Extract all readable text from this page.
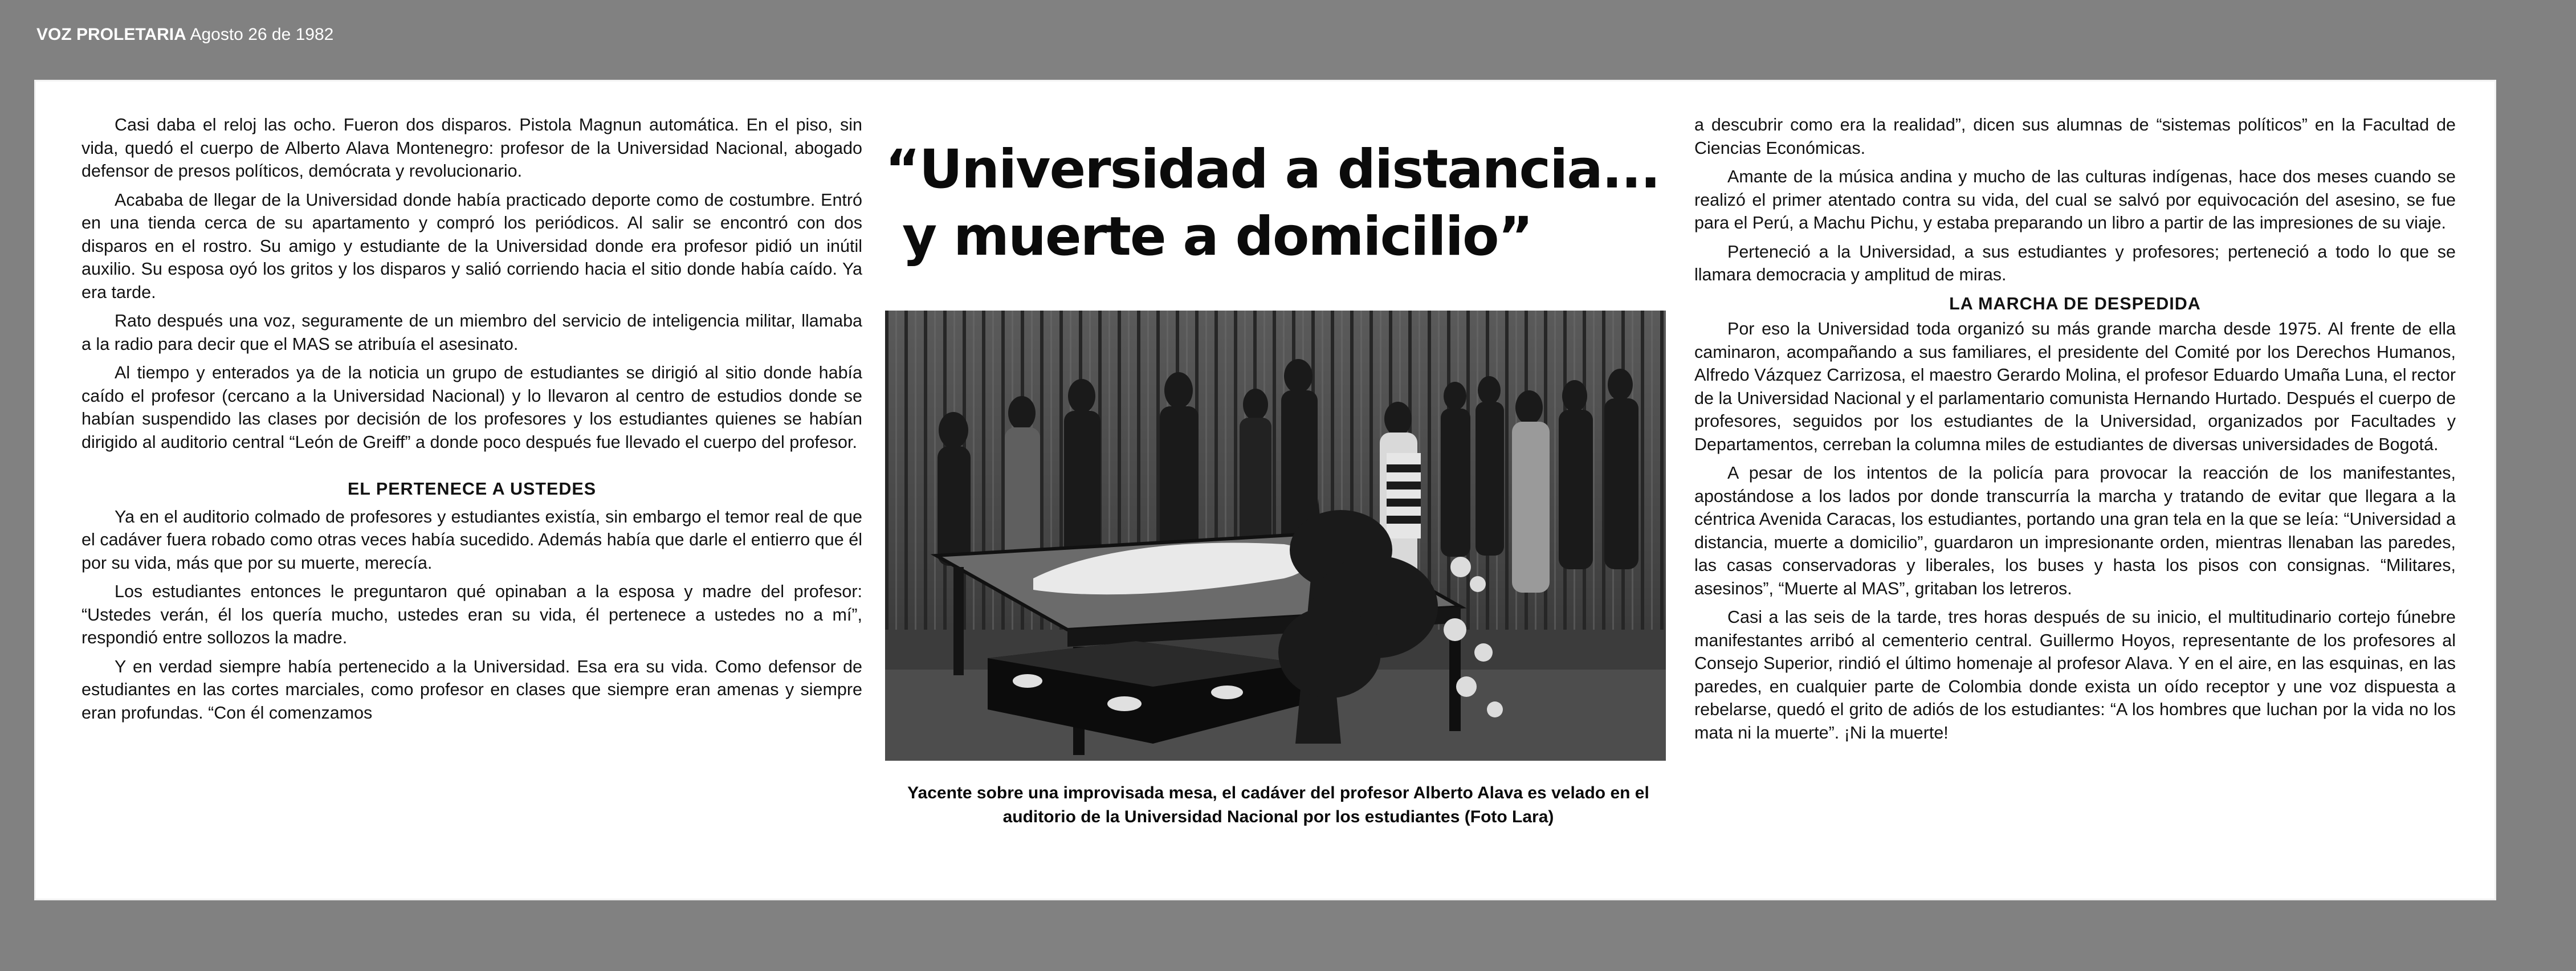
VOZ PROLETARIA Agosto 26 de 1982

Casi daba el reloj las ocho. Fueron dos disparos. Pistola Magnun automática. En el piso, sin vida, quedó el cuerpo de Alberto Alava Montenegro: profesor de la Universidad Nacional, abogado defensor de presos políticos, demócrata y revolucionario.

Acababa de llegar de la Universidad donde había practicado deporte como de costumbre. Entró en una tienda cerca de su apartamento y compró los periódicos. Al salir se encontró con dos disparos en el rostro. Su amigo y estudiante de la Universidad donde era profesor pidió un inútil auxilio. Su esposa oyó los gritos y los disparos y salió corriendo hacia el sitio donde había caído. Ya era tarde.

Rato después una voz, seguramente de un miembro del servicio de inteligencia militar, llamaba a la radio para decir que el MAS se atribuía el asesinato.

Al tiempo y enterados ya de la noticia un grupo de estudiantes se dirigió al sitio donde había caído el profesor (cercano a la Universidad Nacional) y lo llevaron al centro de estudios donde se habían suspendido las clases por decisión de los profesores y los estudiantes quienes se habían dirigido al auditorio central “León de Greiff” a donde poco después fue llevado el cuerpo del profesor.

EL PERTENECE A USTEDES

Ya en el auditorio colmado de profesores y estudiantes existía, sin embargo el temor real de que el cadáver fuera robado como otras veces había sucedido. Además había que darle el entierro que él por su vida, más que por su muerte, merecía.

Los estudiantes entonces le preguntaron qué opinaban a la esposa y madre del profesor: “Ustedes verán, él los quería mucho, ustedes eran su vida, él pertenece a ustedes no a mí”, respondió entre sollozos la madre.

Y en verdad siempre había pertenecido a la Universidad. Esa era su vida. Como defensor de estudiantes en las cortes marciales, como profesor en clases que siempre eran amenas y siempre eran profundas. “Con él comenzamos

“Universidad a distancia...
y muerte a domicilio”
Yacente sobre una improvisada mesa, el cadáver del profesor Alberto Alava es velado en el auditorio de la Universidad Nacional por los estudiantes (Foto Lara)

a descubrir como era la realidad”, dicen sus alumnas de “sistemas políticos” en la Facultad de Ciencias Económicas.

Amante de la música andina y mucho de las culturas indígenas, hace dos meses cuando se realizó el primer atentado contra su vida, del cual se salvó por equivocación del asesino, se fue para el Perú, a Machu Pichu, y estaba preparando un libro a partir de las impresiones de su viaje.

Perteneció a la Universidad, a sus estudiantes y profesores; perteneció a todo lo que se llamara democracia y amplitud de miras.

LA MARCHA DE DESPEDIDA

Por eso la Universidad toda organizó su más grande marcha desde 1975. Al frente de ella caminaron, acompañando a sus familiares, el presidente del Comité por los Derechos Humanos, Alfredo Vázquez Carrizosa, el maestro Gerardo Molina, el profesor Eduardo Umaña Luna, el rector de la Universidad Nacional y el parlamentario comunista Hernando Hurtado. Después el cuerpo de profesores, seguidos por los estudiantes de la Universidad, organizados por Facultades y Departamentos, cerreban la columna miles de estudiantes de diversas universidades de Bogotá.

A pesar de los intentos de la policía para provocar la reacción de los manifestantes, apostándose a los lados por donde transcurría la marcha y tratando de evitar que llegara a la céntrica Avenida Caracas, los estudiantes, portando una gran tela en la que se leía: “Universidad a distancia, muerte a domicilio”, guardaron un impresionante orden, mientras llenaban las paredes, las casas conservadoras y liberales, los buses y hasta los pisos con consignas. “Militares, asesinos”, “Muerte al MAS”, gritaban los letreros.

Casi a las seis de la tarde, tres horas después de su inicio, el multitudinario cortejo fúnebre manifestantes arribó al cementerio central. Guillermo Hoyos, representante de los profesores al Consejo Superior, rindió el último homenaje al profesor Alava. Y en el aire, en las esquinas, en las paredes, en cualquier parte de Colombia donde exista un oído receptor y une voz dispuesta a rebelarse, quedó el grito de adiós de los estudiantes: “A los hombres que luchan por la vida no los mata ni la muerte”. ¡Ni la muerte!
